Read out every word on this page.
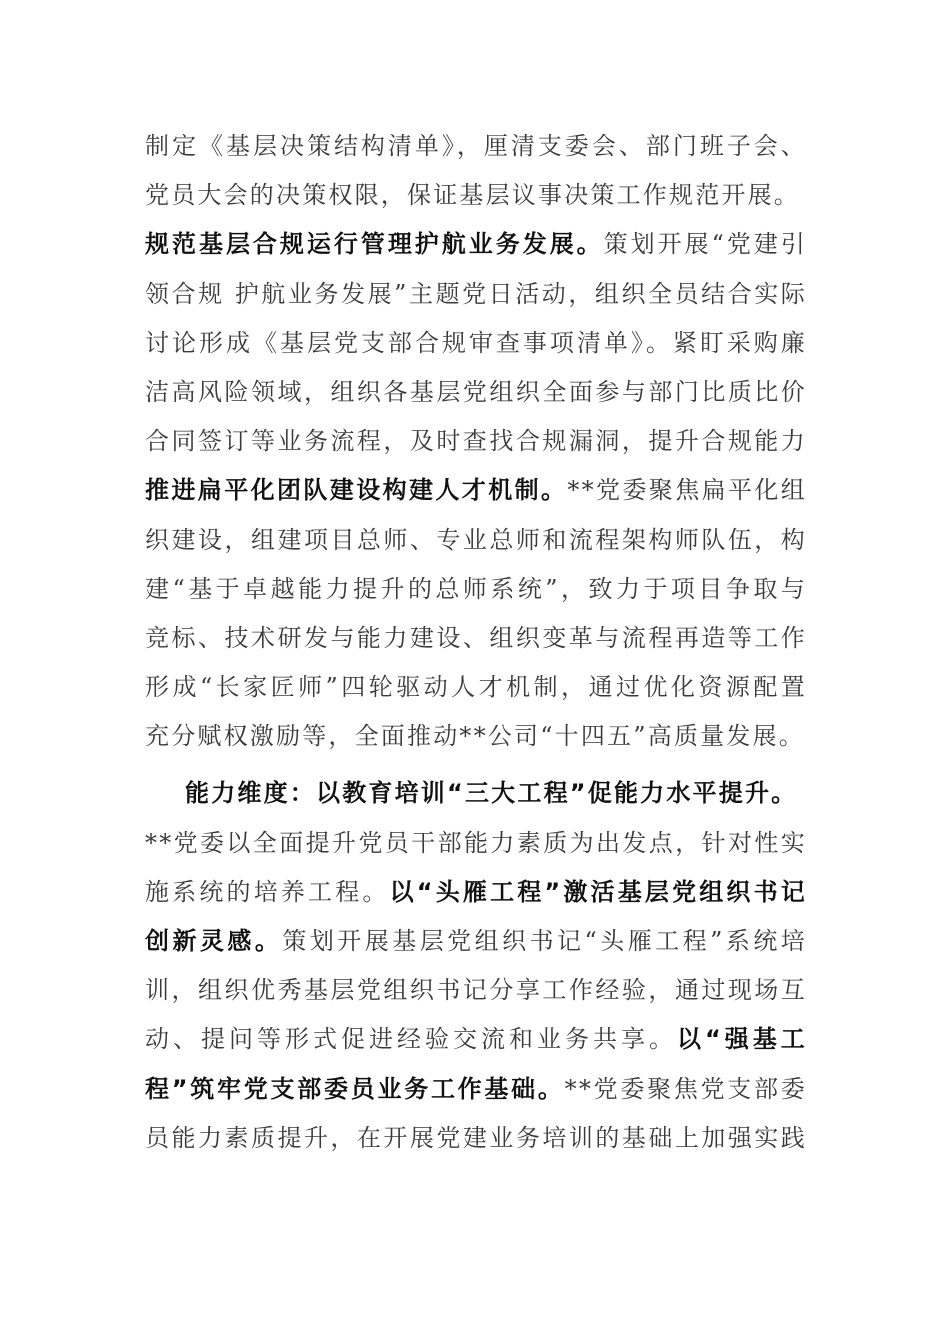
制定《基层决策结构清单》，厘清支委会、部门班子会、
党员大会的决策权限，保证基层议事决策工作规范开展。
规范基层合规运行管理护航业务发展。策划开展“党建引
领合规 护航业务发展”主题党日活动，组织全员结合实际
讨论形成《基层党支部合规审查事项清单》。紧盯采购廉
洁高风险领域，组织各基层党组织全面参与部门比质比价
合同签订等业务流程，及时查找合规漏洞，提升合规能力
推进扁平化团队建设构建人才机制。**党委聚焦扁平化组
织建设，组建项目总师、专业总师和流程架构师队伍，构
建“基于卓越能力提升的总师系统”，致力于项目争取与
竞标、技术研发与能力建设、组织变革与流程再造等工作
形成“长家匠师”四轮驱动人才机制，通过优化资源配置
充分赋权激励等，全面推动**公司“十四五”高质量发展。
能力维度：以教育培训“三大工程”促能力水平提升。
**党委以全面提升党员干部能力素质为出发点，针对性实
施系统的培养工程。以“头雁工程”激活基层党组织书记
创新灵感。策划开展基层党组织书记“头雁工程”系统培
训，组织优秀基层党组织书记分享工作经验，通过现场互
动、提问等形式促进经验交流和业务共享。以“强基工
程”筑牢党支部委员业务工作基础。**党委聚焦党支部委
员能力素质提升，在开展党建业务培训的基础上加强实践
